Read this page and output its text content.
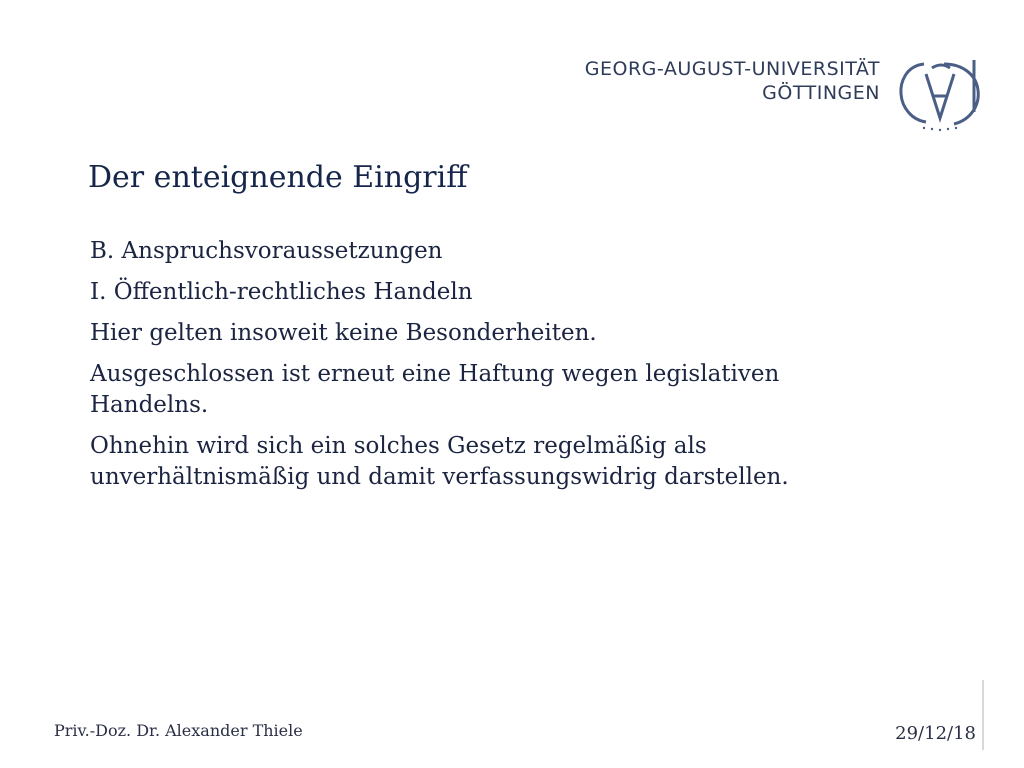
GEORG-AUGUST-UNIVERSITÄT
GÖTTINGEN
Der enteignende Eingriff

B. Anspruchsvoraussetzungen

I. Öffentlich-rechtliches Handeln

Hier gelten insoweit keine Besonderheiten.

Ausgeschlossen ist erneut eine Haftung wegen legislativen Handelns.

Ohnehin wird sich ein solches Gesetz regelmäßig als unverhältnismäßig und damit verfassungswidrig darstellen.

Priv.-Doz. Dr. Alexander Thiele	29/12/18
